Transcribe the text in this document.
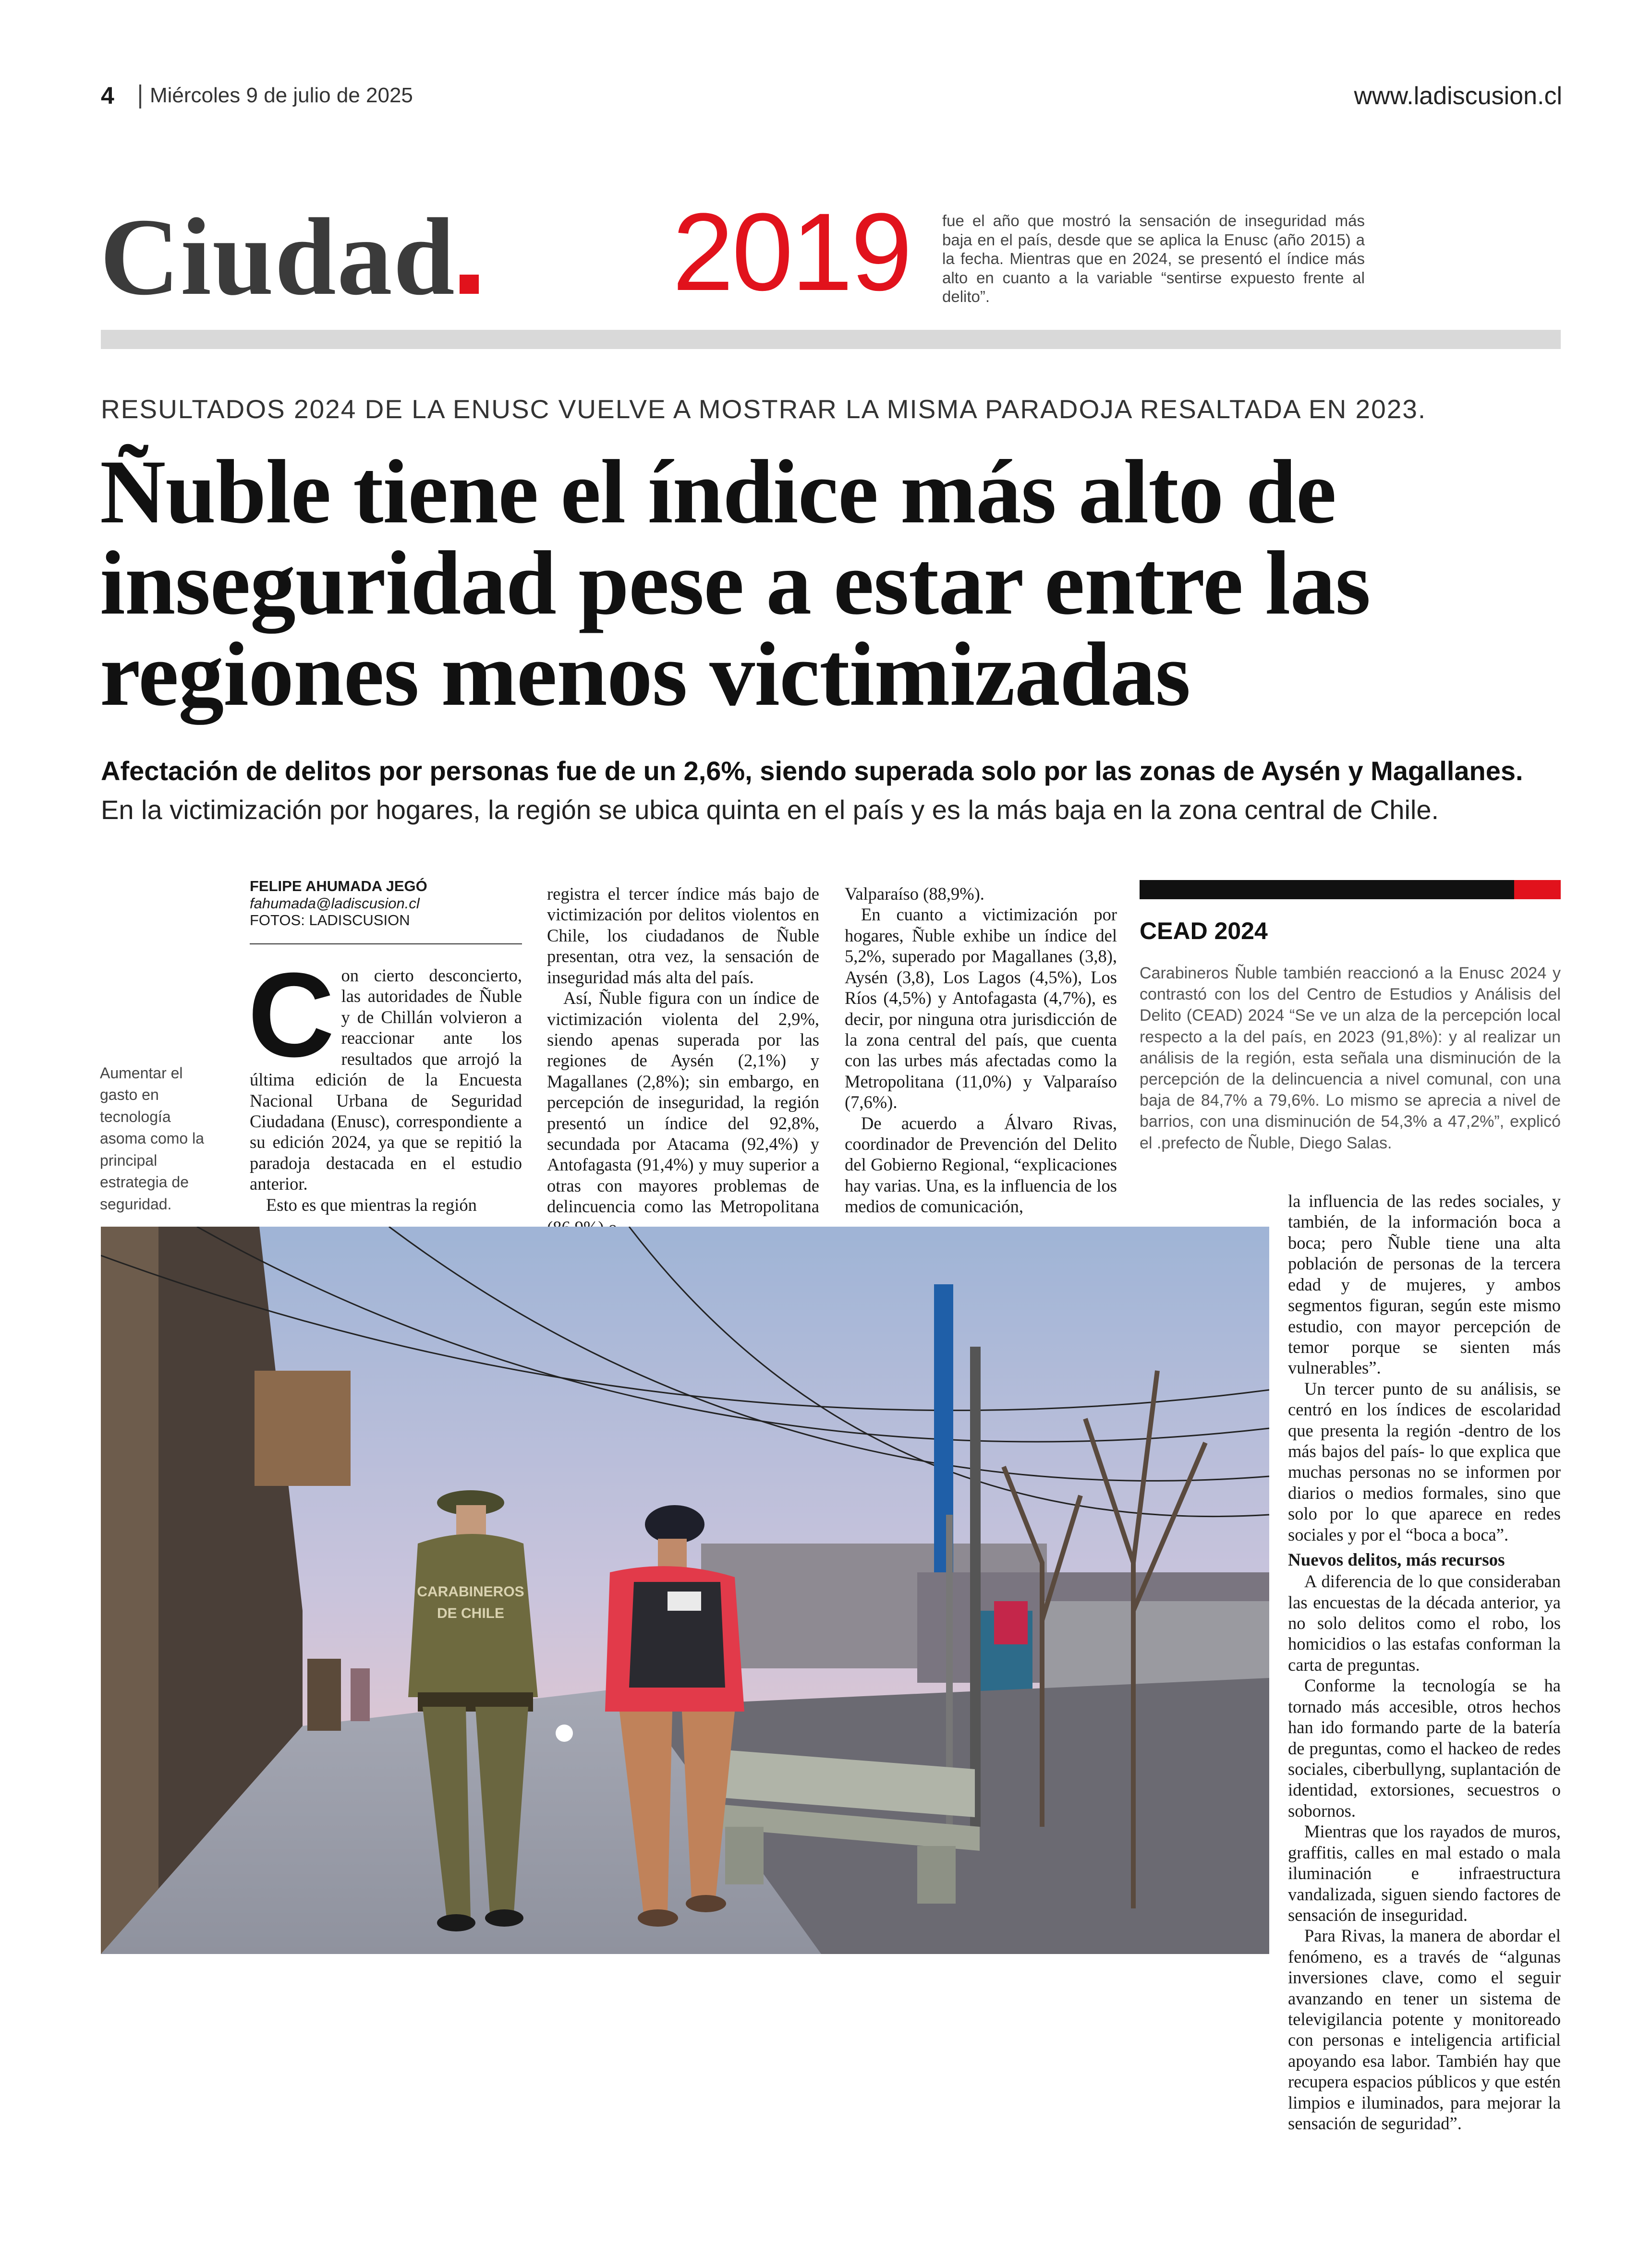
4 Miércoles 9 de julio de 2025	www.ladiscusion.cl
Ciudad 2019 fue el año que mostró la sensación de inseguridad más baja en el país, desde que se aplica la Enusc (año 2015) a la fecha. Mientras que en 2024, se presentó el índice más alto en cuanto a la variable “sentirse expuesto frente al delito”.
RESULTADOS 2024 DE LA ENUSC VUELVE A MOSTRAR LA MISMA PARADOJA RESALTADA EN 2023.
Ñuble tiene el índice más alto de inseguridad pese a estar entre las regiones menos victimizadas
Afectación de delitos por personas fue de un 2,6%, siendo superada solo por las zonas de Aysén y Magallanes. En la victimización por hogares, la región se ubica quinta en el país y es la más baja en la zona central de Chile.
FELIPE AHUMADA JEGÓ
fahumada@ladiscusion.cl
FOTOS: LADISCUSION
Aumentar el gasto en tecnología asoma como la principal estrategia de seguridad.
C on cierto desconcierto, las autoridades de Ñuble y de Chillán volvieron a reaccionar ante los resultados que arrojó la última edición de la Encuesta Nacional Urbana de Seguridad Ciudadana (Enusc), correspondiente a su edición 2024, ya que se repitió la paradoja destacada en el estudio anterior.

Esto es que mientras la región

registra el tercer índice más bajo de victimización por delitos violentos en Chile, los ciudadanos de Ñuble presentan, otra vez, la sensación de inseguridad más alta del país.

Así, Ñuble figura con un índice de victimización violenta del 2,9%, siendo apenas superada por las regiones de Aysén (2,1%) y Magallanes (2,8%); sin embargo, en percepción de inseguridad, la región presentó un índice del 92,8%, secundada por Atacama (92,4%) y Antofagasta (91,4%) y muy superior a otras con mayores problemas de delincuencia como las Metropolitana

Valparaíso (88,9%).

En cuanto a victimización por hogares, Ñuble exhibe un índice del 5,2%, superado por Magallanes (3,8), Aysén (3,8), Los Lagos (4,5%), Los Ríos (4,5%) y Antofagasta (4,7%), es decir, por ninguna otra jurisdicción de la zona central del país, que cuenta con las urbes más afectadas como la Metropolitana (11,0%) y Valparaíso (7,6%).

De acuerdo a Álvaro Rivas, coordinador de Prevención del Delito del Gobierno Regional, “explicaciones hay varias. Una, es la influencia de los medios de comunicación,

CEAD 2024
Carabineros Ñuble también reaccionó a la Enusc 2024 y contrastó con los del Centro de Estudios y Análisis del Delito (CEAD) 2024 “Se ve un alza de la percepción local respecto a la del país, en 2023 (91,8%): y al realizar un análisis de la región, esta señala una disminución de la percepción de la delincuencia a nivel comunal, con una baja de 84,7% a 79,6%. Lo mismo se aprecia a nivel de barrios, con una disminución de 54,3% a 47,2%”, explicó el .prefecto de Ñuble, Diego Salas.

la influencia de las redes sociales, y también, de la información boca a boca; pero Ñuble tiene una alta población de personas de la tercera edad y de mujeres, y ambos segmentos figuran, según este mismo estudio, con mayor percepción de temor porque se sienten más vulnerables”.

Un tercer punto de su análisis, se centró en los índices de escolaridad que presenta la región -dentro de los más bajos del país- lo que explica que muchas personas no se informen por diarios o medios formales, sino que solo por lo que aparece en redes sociales y por el “boca a boca”.

Nuevos delitos, más recursos

A diferencia de lo que consideraban las encuestas de la década anterior, ya no solo delitos como el robo, los homicidios o las estafas conforman la carta de preguntas.

Conforme la tecnología se ha tornado más accesible, otros hechos han ido formando parte de la batería de preguntas, como el hackeo de redes sociales, ciberbullyng, suplantación de identidad, extorsiones, secuestros o sobornos.

Mientras que los rayados de muros, graffitis, calles en mal estado o mala iluminación e infraestructura vandalizada, siguen siendo factores de sensación de inseguridad.

Para Rivas, la manera de abordar el fenómeno, es a través de “algunas inversiones clave, como el seguir avanzando en tener un sistema de televigilancia potente y monitoreado con personas e inteligencia artificial apoyando esa labor. También hay que recupera espacios públicos y que estén limpios e iluminados, para mejorar la sensación de seguridad”.

CARABINEROS
DE CHILE
